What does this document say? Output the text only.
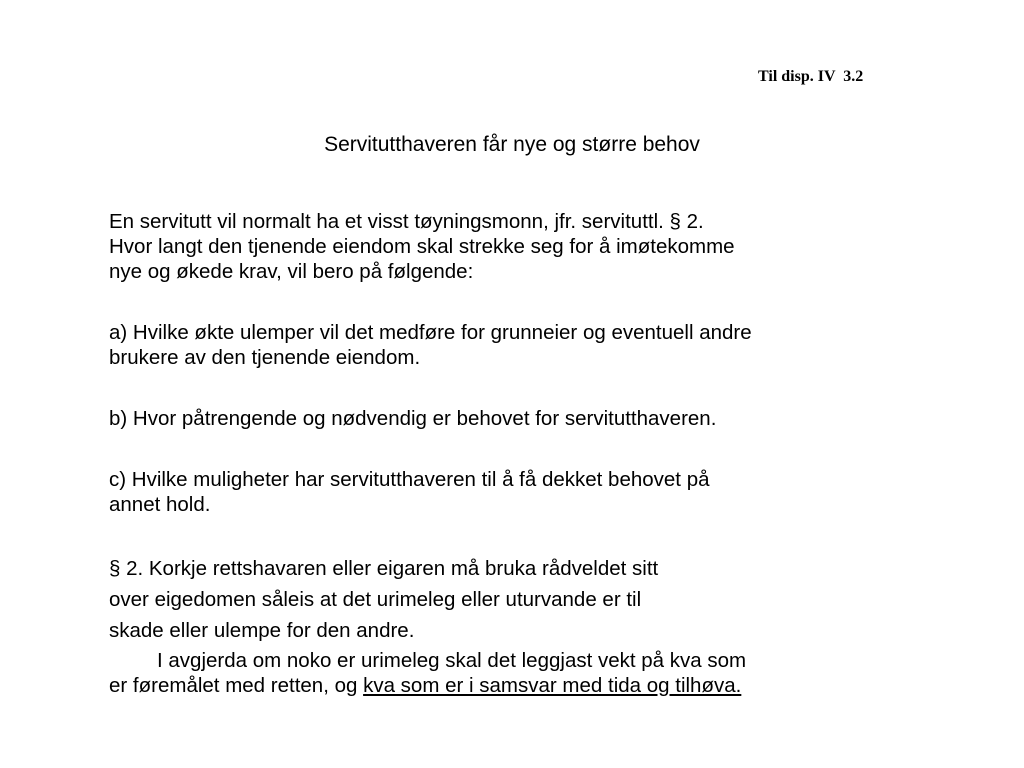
Til disp. IV  3.2
Servitutthaveren får nye og større behov
En servitutt vil normalt ha et visst tøyningsmonn, jfr. servituttl. § 2.
Hvor langt den tjenende eiendom skal strekke seg for å imøtekomme
nye og økede krav, vil bero på følgende:
a) Hvilke økte ulemper vil det medføre for grunneier og eventuell andre
brukere av den tjenende eiendom.
b) Hvor påtrengende og nødvendig er behovet for servitutthaveren.
c) Hvilke muligheter har servitutthaveren til å få dekket behovet på
annet hold.
§ 2. Korkje rettshavaren eller eigaren må bruka rådveldet sitt
over eigedomen såleis at det urimeleg eller uturvande er til
skade eller ulempe for den andre.
I avgjerda om noko er urimeleg skal det leggjast vekt på kva som
er føremålet med retten, og kva som er i samsvar med tida og tilhøva.
